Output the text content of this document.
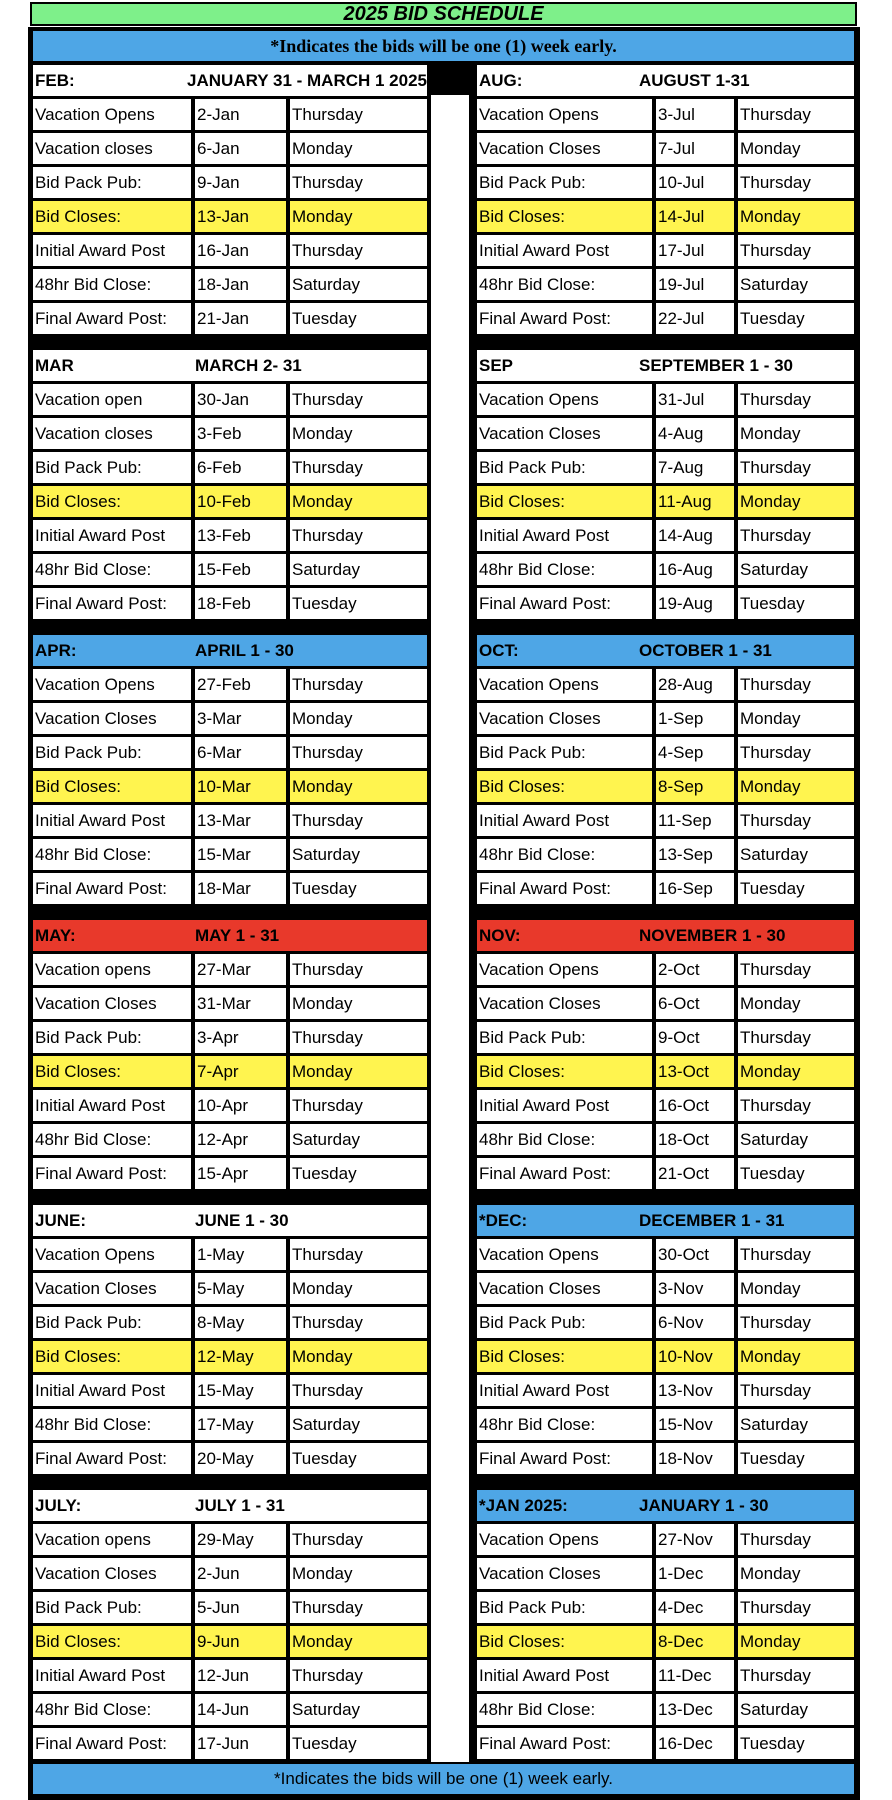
2025 BID SCHEDULE
*Indicates the bids will be one (1) week early.
FEB:	JANUARY 31 - MARCH 1 2025
Vacation Opens	2-Jan	Thursday
Vacation closes	6-Jan	Monday
Bid Pack Pub:	9-Jan	Thursday
Bid Closes:	13-Jan	Monday
Initial Award Post	16-Jan	Thursday
48hr Bid Close:	18-Jan	Saturday
Final Award Post:	21-Jan	Tuesday
MAR	MARCH 2- 31
Vacation open	30-Jan	Thursday
Vacation closes	3-Feb	Monday
Bid Pack Pub:	6-Feb	Thursday
Bid Closes:	10-Feb	Monday
Initial Award Post	13-Feb	Thursday
48hr Bid Close:	15-Feb	Saturday
Final Award Post:	18-Feb	Tuesday
APR:	APRIL 1 - 30
Vacation Opens	27-Feb	Thursday
Vacation Closes	3-Mar	Monday
Bid Pack Pub:	6-Mar	Thursday
Bid Closes:	10-Mar	Monday
Initial Award Post	13-Mar	Thursday
48hr Bid Close:	15-Mar	Saturday
Final Award Post:	18-Mar	Tuesday
MAY:	MAY 1 - 31
Vacation opens	27-Mar	Thursday
Vacation Closes	31-Mar	Monday
Bid Pack Pub:	3-Apr	Thursday
Bid Closes:	7-Apr	Monday
Initial Award Post	10-Apr	Thursday
48hr Bid Close:	12-Apr	Saturday
Final Award Post:	15-Apr	Tuesday
JUNE:	JUNE 1 - 30
Vacation Opens	1-May	Thursday
Vacation Closes	5-May	Monday
Bid Pack Pub:	8-May	Thursday
Bid Closes:	12-May	Monday
Initial Award Post	15-May	Thursday
48hr Bid Close:	17-May	Saturday
Final Award Post:	20-May	Tuesday
JULY:	JULY 1 - 31
Vacation opens	29-May	Thursday
Vacation Closes	2-Jun	Monday
Bid Pack Pub:	5-Jun	Thursday
Bid Closes:	9-Jun	Monday
Initial Award Post	12-Jun	Thursday
48hr Bid Close:	14-Jun	Saturday
Final Award Post:	17-Jun	Tuesday
AUG:	AUGUST 1-31
Vacation Opens	3-Jul	Thursday
Vacation Closes	7-Jul	Monday
Bid Pack Pub:	10-Jul	Thursday
Bid Closes:	14-Jul	Monday
Initial Award Post	17-Jul	Thursday
48hr Bid Close:	19-Jul	Saturday
Final Award Post:	22-Jul	Tuesday
SEP	SEPTEMBER 1 - 30
Vacation Opens	31-Jul	Thursday
Vacation Closes	4-Aug	Monday
Bid Pack Pub:	7-Aug	Thursday
Bid Closes:	11-Aug	Monday
Initial Award Post	14-Aug	Thursday
48hr Bid Close:	16-Aug	Saturday
Final Award Post:	19-Aug	Tuesday
OCT:	OCTOBER 1 - 31
Vacation Opens	28-Aug	Thursday
Vacation Closes	1-Sep	Monday
Bid Pack Pub:	4-Sep	Thursday
Bid Closes:	8-Sep	Monday
Initial Award Post	11-Sep	Thursday
48hr Bid Close:	13-Sep	Saturday
Final Award Post:	16-Sep	Tuesday
NOV:	NOVEMBER 1 - 30
Vacation Opens	2-Oct	Thursday
Vacation Closes	6-Oct	Monday
Bid Pack Pub:	9-Oct	Thursday
Bid Closes:	13-Oct	Monday
Initial Award Post	16-Oct	Thursday
48hr Bid Close:	18-Oct	Saturday
Final Award Post:	21-Oct	Tuesday
*DEC:	DECEMBER 1 - 31
Vacation Opens	30-Oct	Thursday
Vacation Closes	3-Nov	Monday
Bid Pack Pub:	6-Nov	Thursday
Bid Closes:	10-Nov	Monday
Initial Award Post	13-Nov	Thursday
48hr Bid Close:	15-Nov	Saturday
Final Award Post:	18-Nov	Tuesday
*JAN 2025:	JANUARY 1 - 30
Vacation Opens	27-Nov	Thursday
Vacation Closes	1-Dec	Monday
Bid Pack Pub:	4-Dec	Thursday
Bid Closes:	8-Dec	Monday
Initial Award Post	11-Dec	Thursday
48hr Bid Close:	13-Dec	Saturday
Final Award Post:	16-Dec	Tuesday
*Indicates the bids will be one (1) week early.
